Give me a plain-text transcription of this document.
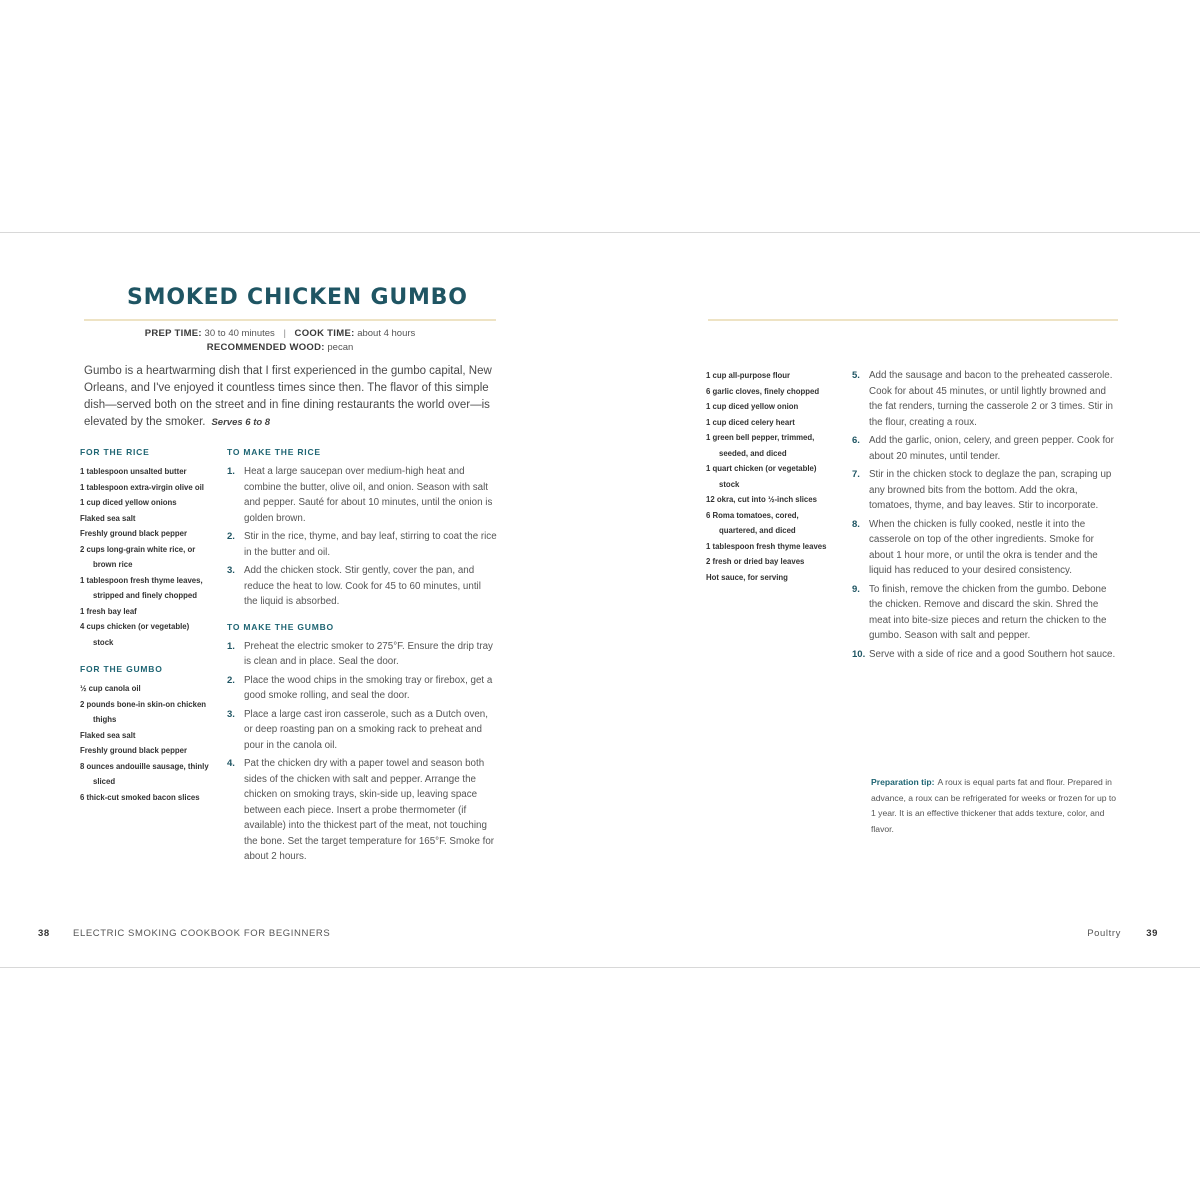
SMOKED CHICKEN GUMBO
PREP TIME: 30 to 40 minutes | COOK TIME: about 4 hours
RECOMMENDED WOOD: pecan

Gumbo is a heartwarming dish that I first experienced in the gumbo capital, New Orleans, and I've enjoyed it countless times since then. The flavor of this simple dish—served both on the street and in fine dining restaurants the world over—is elevated by the smoker. Serves 6 to 8

FOR THE RICE
1 tablespoon unsalted butter
1 tablespoon extra-virgin olive oil
1 cup diced yellow onions
Flaked sea salt
Freshly ground black pepper
2 cups long-grain white rice, or brown rice
1 tablespoon fresh thyme leaves, stripped and finely chopped
1 fresh bay leaf
4 cups chicken (or vegetable) stock
FOR THE GUMBO
½ cup canola oil
2 pounds bone-in skin-on chicken thighs
Flaked sea salt
Freshly ground black pepper
8 ounces andouille sausage, thinly sliced
6 thick-cut smoked bacon slices
TO MAKE THE RICE
1. Heat a large saucepan over medium-high heat and combine the butter, olive oil, and onion. Season with salt and pepper. Sauté for about 10 minutes, until the onion is golden brown.
2. Stir in the rice, thyme, and bay leaf, stirring to coat the rice in the butter and oil.
3. Add the chicken stock. Stir gently, cover the pan, and reduce the heat to low. Cook for 45 to 60 minutes, until the liquid is absorbed.
TO MAKE THE GUMBO
1. Preheat the electric smoker to 275°F. Ensure the drip tray is clean and in place. Seal the door.
2. Place the wood chips in the smoking tray or firebox, get a good smoke rolling, and seal the door.
3. Place a large cast iron casserole, such as a Dutch oven, or deep roasting pan on a smoking rack to preheat and pour in the canola oil.
4. Pat the chicken dry with a paper towel and season both sides of the chicken with salt and pepper. Arrange the chicken on smoking trays, skin-side up, leaving space between each piece. Insert a probe thermometer (if available) into the thickest part of the meat, not touching the bone. Set the target temperature for 165°F. Smoke for about 2 hours.
38 ELECTRIC SMOKING COOKBOOK FOR BEGINNERS
1 cup all-purpose flour
6 garlic cloves, finely chopped
1 cup diced yellow onion
1 cup diced celery heart
1 green bell pepper, trimmed, seeded, and diced
1 quart chicken (or vegetable) stock
12 okra, cut into ½-inch slices
6 Roma tomatoes, cored, quartered, and diced
1 tablespoon fresh thyme leaves
2 fresh or dried bay leaves
Hot sauce, for serving
5. Add the sausage and bacon to the preheated casserole. Cook for about 45 minutes, or until lightly browned and the fat renders, turning the casserole 2 or 3 times. Stir in the flour, creating a roux.
6. Add the garlic, onion, celery, and green pepper. Cook for about 20 minutes, until tender.
7. Stir in the chicken stock to deglaze the pan, scraping up any browned bits from the bottom. Add the okra, tomatoes, thyme, and bay leaves. Stir to incorporate.
8. When the chicken is fully cooked, nestle it into the casserole on top of the other ingredients. Smoke for about 1 hour more, or until the okra is tender and the liquid has reduced to your desired consistency.
9. To finish, remove the chicken from the gumbo. Debone the chicken. Remove and discard the skin. Shred the meat into bite-size pieces and return the chicken to the gumbo. Season with salt and pepper.
10. Serve with a side of rice and a good Southern hot sauce.

Preparation tip: A roux is equal parts fat and flour. Prepared in advance, a roux can be refrigerated for weeks or frozen for up to 1 year. It is an effective thickener that adds texture, color, and flavor.

Poultry	39
